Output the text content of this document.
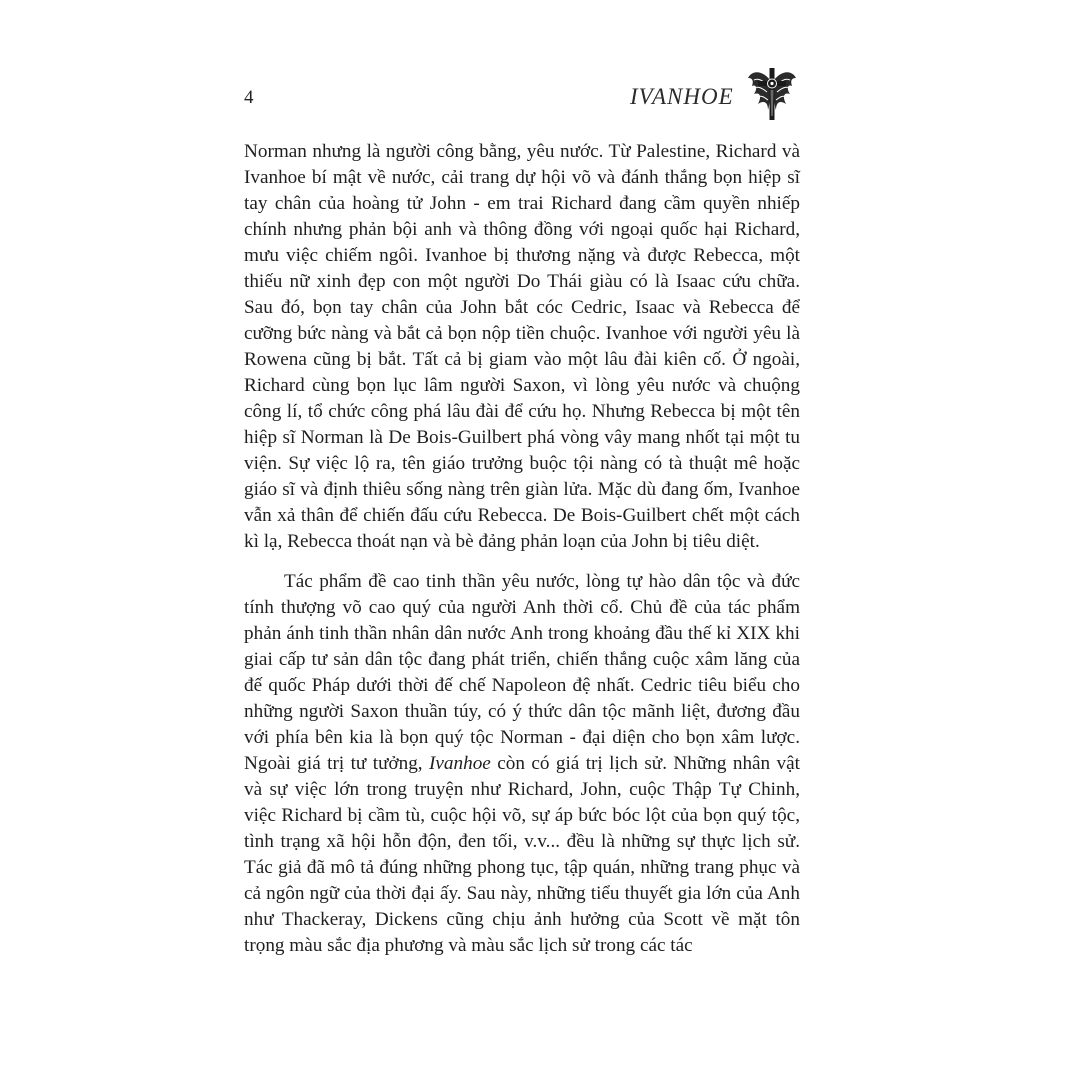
4	IVANHOE

Norman nhưng là người công bằng, yêu nước. Từ Palestine, Richard và Ivanhoe bí mật về nước, cải trang dự hội võ và đánh thắng bọn hiệp sĩ tay chân của hoàng tử John - em trai Richard đang cầm quyền nhiếp chính nhưng phản bội anh và thông đồng với ngoại quốc hại Richard, mưu việc chiếm ngôi. Ivanhoe bị thương nặng và được Rebecca, một thiếu nữ xinh đẹp con một người Do Thái giàu có là Isaac cứu chữa. Sau đó, bọn tay chân của John bắt cóc Cedric, Isaac và Rebecca để cưỡng bức nàng và bắt cả bọn nộp tiền chuộc. Ivanhoe với người yêu là Rowena cũng bị bắt. Tất cả bị giam vào một lâu đài kiên cố. Ở ngoài, Richard cùng bọn lục lâm người Saxon, vì lòng yêu nước và chuộng công lí, tổ chức công phá lâu đài để cứu họ. Nhưng Rebecca bị một tên hiệp sĩ Norman là De Bois-Guilbert phá vòng vây mang nhốt tại một tu viện. Sự việc lộ ra, tên giáo trưởng buộc tội nàng có tà thuật mê hoặc giáo sĩ và định thiêu sống nàng trên giàn lửa. Mặc dù đang ốm, Ivanhoe vẫn xả thân để chiến đấu cứu Rebecca. De Bois-Guilbert chết một cách kì lạ, Rebecca thoát nạn và bè đảng phản loạn của John bị tiêu diệt.

Tác phẩm đề cao tinh thần yêu nước, lòng tự hào dân tộc và đức tính thượng võ cao quý của người Anh thời cổ. Chủ đề của tác phẩm phản ánh tinh thần nhân dân nước Anh trong khoảng đầu thế kỉ XIX khi giai cấp tư sản dân tộc đang phát triển, chiến thắng cuộc xâm lăng của đế quốc Pháp dưới thời đế chế Napoleon đệ nhất. Cedric tiêu biểu cho những người Saxon thuần túy, có ý thức dân tộc mãnh liệt, đương đầu với phía bên kia là bọn quý tộc Norman - đại diện cho bọn xâm lược. Ngoài giá trị tư tưởng, Ivanhoe còn có giá trị lịch sử. Những nhân vật và sự việc lớn trong truyện như Richard, John, cuộc Thập Tự Chinh, việc Richard bị cầm tù, cuộc hội võ, sự áp bức bóc lột của bọn quý tộc, tình trạng xã hội hỗn độn, đen tối, v.v... đều là những sự thực lịch sử. Tác giả đã mô tả đúng những phong tục, tập quán, những trang phục và cả ngôn ngữ của thời đại ấy. Sau này, những tiểu thuyết gia lớn của Anh như Thackeray, Dickens cũng chịu ảnh hưởng của Scott về mặt tôn trọng màu sắc địa phương và màu sắc lịch sử trong các tác
